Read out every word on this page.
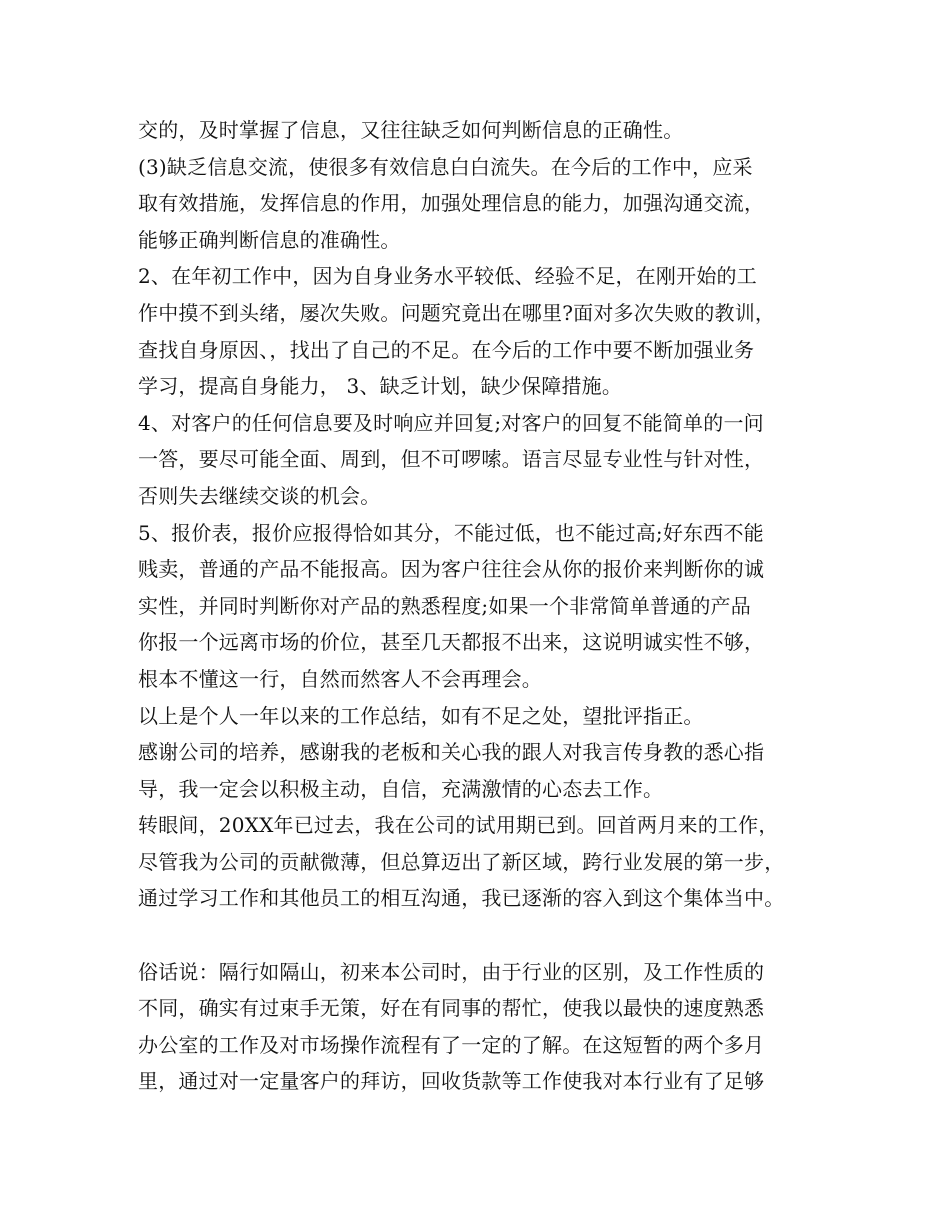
交的，及时掌握了信息，又往往缺乏如何判断信息的正确性。
(3)缺乏信息交流，使很多有效信息白白流失。在今后的工作中，应采
取有效措施，发挥信息的作用，加强处理信息的能力，加强沟通交流，
能够正确判断信息的准确性。
2、在年初工作中，因为自身业务水平较低、经验不足，在刚开始的工
作中摸不到头绪，屡次失败。问题究竟出在哪里?面对多次失败的教训，
查找自身原因、，找出了自己的不足。在今后的工作中要不断加强业务
学习，提高自身能力， 3、缺乏计划，缺少保障措施。
4、对客户的任何信息要及时响应并回复;对客户的回复不能简单的一问
一答，要尽可能全面、周到，但不可啰嗦。语言尽显专业性与针对性，
否则失去继续交谈的机会。
5、报价表，报价应报得恰如其分，不能过低，也不能过高;好东西不能
贱卖，普通的产品不能报高。因为客户往往会从你的报价来判断你的诚
实性，并同时判断你对产品的熟悉程度;如果一个非常简单普通的产品
你报一个远离市场的价位，甚至几天都报不出来，这说明诚实性不够，
根本不懂这一行，自然而然客人不会再理会。
以上是个人一年以来的工作总结，如有不足之处，望批评指正。
感谢公司的培养，感谢我的老板和关心我的跟人对我言传身教的悉心指
导，我一定会以积极主动，自信，充满激情的心态去工作。
转眼间，20XX年已过去，我在公司的试用期已到。回首两月来的工作，
尽管我为公司的贡献微薄，但总算迈出了新区域，跨行业发展的第一步，
通过学习工作和其他员工的相互沟通，我已逐渐的容入到这个集体当中。
俗话说：隔行如隔山，初来本公司时，由于行业的区别，及工作性质的
不同，确实有过束手无策，好在有同事的帮忙，使我以最快的速度熟悉
办公室的工作及对市场操作流程有了一定的了解。在这短暂的两个多月
里，通过对一定量客户的拜访，回收货款等工作使我对本行业有了足够
